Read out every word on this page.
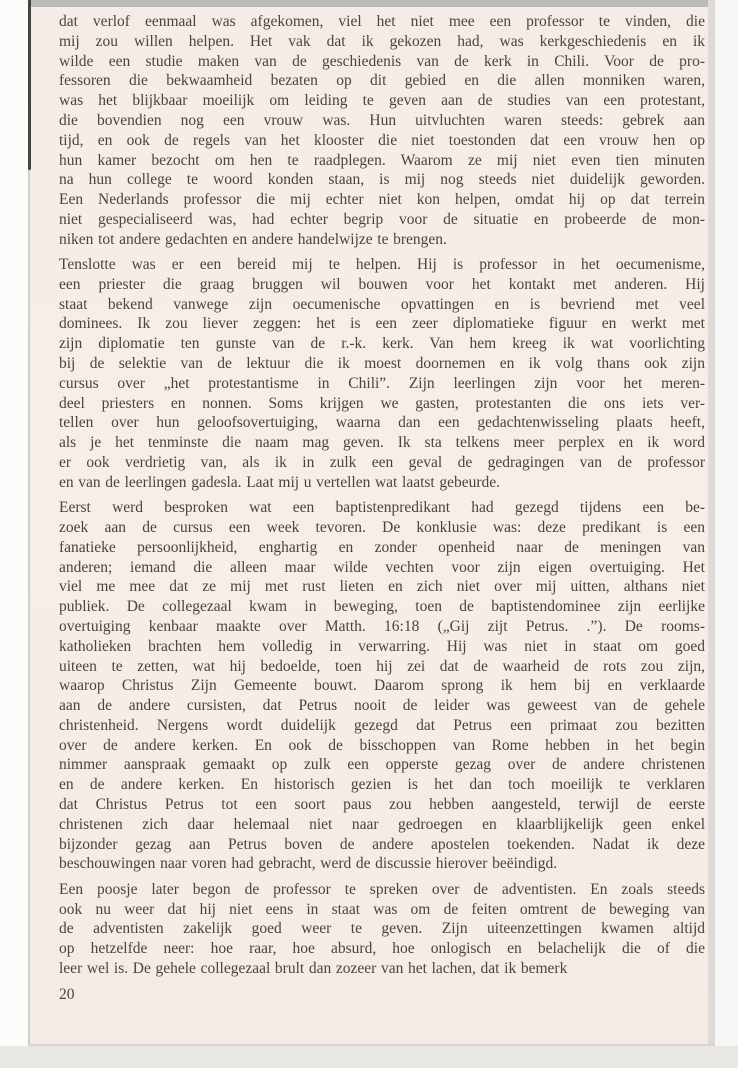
dat verlof eenmaal was afgekomen, viel het niet mee een professor te vinden, die
mij zou willen helpen. Het vak dat ik gekozen had, was kerkgeschiedenis en ik
wilde een studie maken van de geschiedenis van de kerk in Chili. Voor de pro-
fessoren die bekwaamheid bezaten op dit gebied en die allen monniken waren,
was het blijkbaar moeilijk om leiding te geven aan de studies van een protestant,
die bovendien nog een vrouw was. Hun uitvluchten waren steeds: gebrek aan
tijd, en ook de regels van het klooster die niet toestonden dat een vrouw hen op
hun kamer bezocht om hen te raadplegen. Waarom ze mij niet even tien minuten
na hun college te woord konden staan, is mij nog steeds niet duidelijk geworden.
Een Nederlands professor die mij echter niet kon helpen, omdat hij op dat terrein
niet gespecialiseerd was, had echter begrip voor de situatie en probeerde de mon-
niken tot andere gedachten en andere handelwijze te brengen.
Tenslotte was er een bereid mij te helpen. Hij is professor in het oecumenisme,
een priester die graag bruggen wil bouwen voor het kontakt met anderen. Hij
staat bekend vanwege zijn oecumenische opvattingen en is bevriend met veel
dominees. Ik zou liever zeggen: het is een zeer diplomatieke figuur en werkt met
zijn diplomatie ten gunste van de r.-k. kerk. Van hem kreeg ik wat voorlichting
bij de selektie van de lektuur die ik moest doornemen en ik volg thans ook zijn
cursus over „het protestantisme in Chili”. Zijn leerlingen zijn voor het meren-
deel priesters en nonnen. Soms krijgen we gasten, protestanten die ons iets ver-
tellen over hun geloofsovertuiging, waarna dan een gedachtenwisseling plaats heeft,
als je het tenminste die naam mag geven. Ik sta telkens meer perplex en ik word
er ook verdrietig van, als ik in zulk een geval de gedragingen van de professor
en van de leerlingen gadesla. Laat mij u vertellen wat laatst gebeurde.
Eerst werd besproken wat een baptistenpredikant had gezegd tijdens een be-
zoek aan de cursus een week tevoren. De konklusie was: deze predikant is een
fanatieke persoonlijkheid, enghartig en zonder openheid naar de meningen van
anderen; iemand die alleen maar wilde vechten voor zijn eigen overtuiging. Het
viel me mee dat ze mij met rust lieten en zich niet over mij uitten, althans niet
publiek. De collegezaal kwam in beweging, toen de baptistendominee zijn eerlijke
overtuiging kenbaar maakte over Matth. 16:18 („Gij zijt Petrus. .”). De rooms-
katholieken brachten hem volledig in verwarring. Hij was niet in staat om goed
uiteen te zetten, wat hij bedoelde, toen hij zei dat de waarheid de rots zou zijn,
waarop Christus Zijn Gemeente bouwt. Daarom sprong ik hem bij en verklaarde
aan de andere cursisten, dat Petrus nooit de leider was geweest van de gehele
christenheid. Nergens wordt duidelijk gezegd dat Petrus een primaat zou bezitten
over de andere kerken. En ook de bisschoppen van Rome hebben in het begin
nimmer aanspraak gemaakt op zulk een opperste gezag over de andere christenen
en de andere kerken. En historisch gezien is het dan toch moeilijk te verklaren
dat Christus Petrus tot een soort paus zou hebben aangesteld, terwijl de eerste
christenen zich daar helemaal niet naar gedroegen en klaarblijkelijk geen enkel
bijzonder gezag aan Petrus boven de andere apostelen toekenden. Nadat ik deze
beschouwingen naar voren had gebracht, werd de discussie hierover beëindigd.
Een poosje later begon de professor te spreken over de adventisten. En zoals steeds
ook nu weer dat hij niet eens in staat was om de feiten omtrent de beweging van
de adventisten zakelijk goed weer te geven. Zijn uiteenzettingen kwamen altijd
op hetzelfde neer: hoe raar, hoe absurd, hoe onlogisch en belachelijk die of die
leer wel is. De gehele collegezaal brult dan zozeer van het lachen, dat ik bemerk
20
